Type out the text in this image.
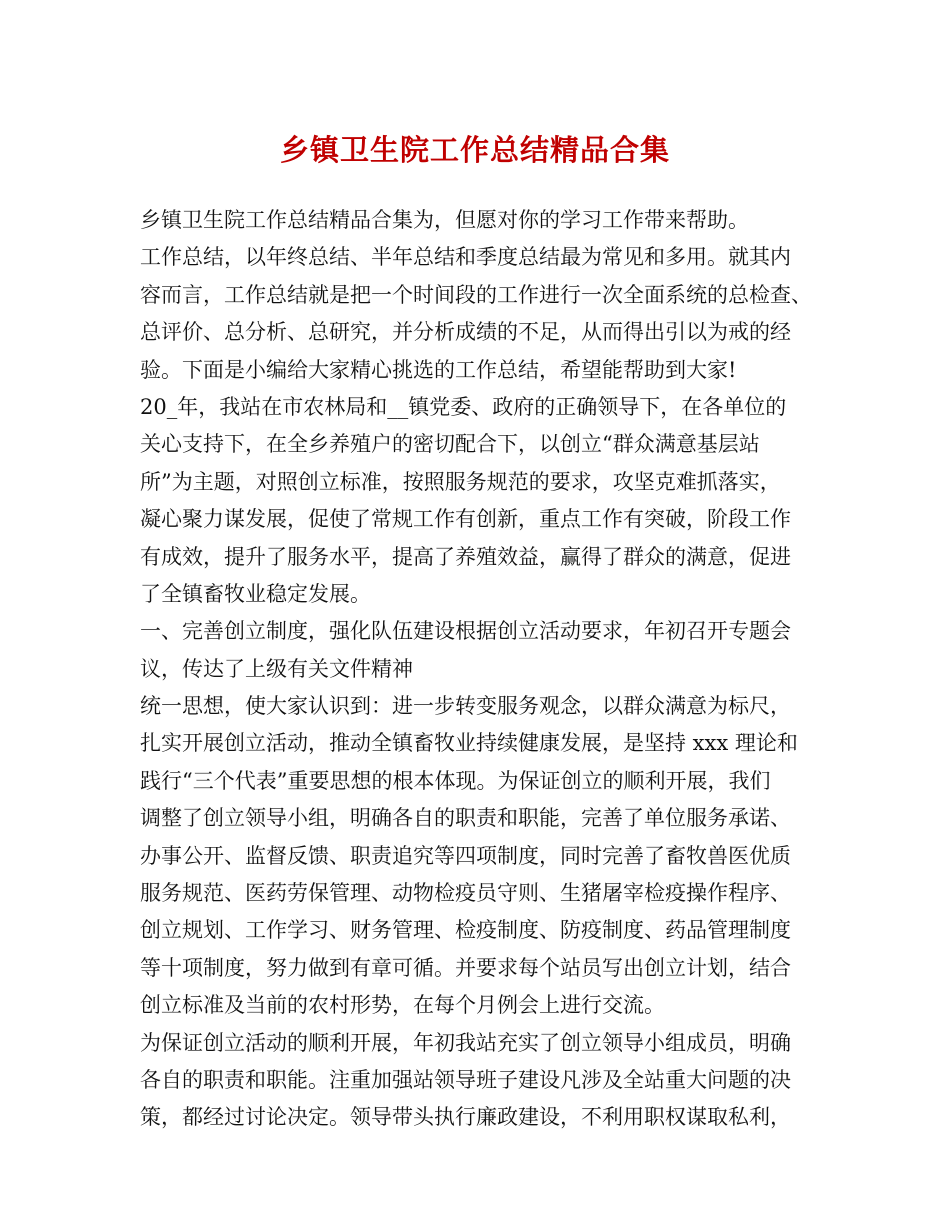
乡镇卫生院工作总结精品合集
乡镇卫生院工作总结精品合集为，但愿对你的学习工作带来帮助。
工作总结，以年终总结、半年总结和季度总结最为常见和多用。就其内
容而言，工作总结就是把一个时间段的工作进行一次全面系统的总检查、
总评价、总分析、总研究，并分析成绩的不足，从而得出引以为戒的经
验。下面是小编给大家精心挑选的工作总结，希望能帮助到大家!
20_年，我站在市农林局和__镇党委、政府的正确领导下，在各单位的
关心支持下，在全乡养殖户的密切配合下，以创立“群众满意基层站
所”为主题，对照创立标准，按照服务规范的要求，攻坚克难抓落实，
凝心聚力谋发展，促使了常规工作有创新，重点工作有突破，阶段工作
有成效，提升了服务水平，提高了养殖效益，赢得了群众的满意，促进
了全镇畜牧业稳定发展。
一、完善创立制度，强化队伍建设根据创立活动要求，年初召开专题会
议，传达了上级有关文件精神
统一思想，使大家认识到：进一步转变服务观念，以群众满意为标尺，
扎实开展创立活动，推动全镇畜牧业持续健康发展，是坚持 xxx 理论和
践行“三个代表”重要思想的根本体现。为保证创立的顺利开展，我们
调整了创立领导小组，明确各自的职责和职能，完善了单位服务承诺、
办事公开、监督反馈、职责追究等四项制度，同时完善了畜牧兽医优质
服务规范、医药劳保管理、动物检疫员守则、生猪屠宰检疫操作程序、
创立规划、工作学习、财务管理、检疫制度、防疫制度、药品管理制度
等十项制度，努力做到有章可循。并要求每个站员写出创立计划，结合
创立标准及当前的农村形势，在每个月例会上进行交流。
为保证创立活动的顺利开展，年初我站充实了创立领导小组成员，明确
各自的职责和职能。注重加强站领导班子建设凡涉及全站重大问题的决
策，都经过讨论决定。领导带头执行廉政建设，不利用职权谋取私利，
